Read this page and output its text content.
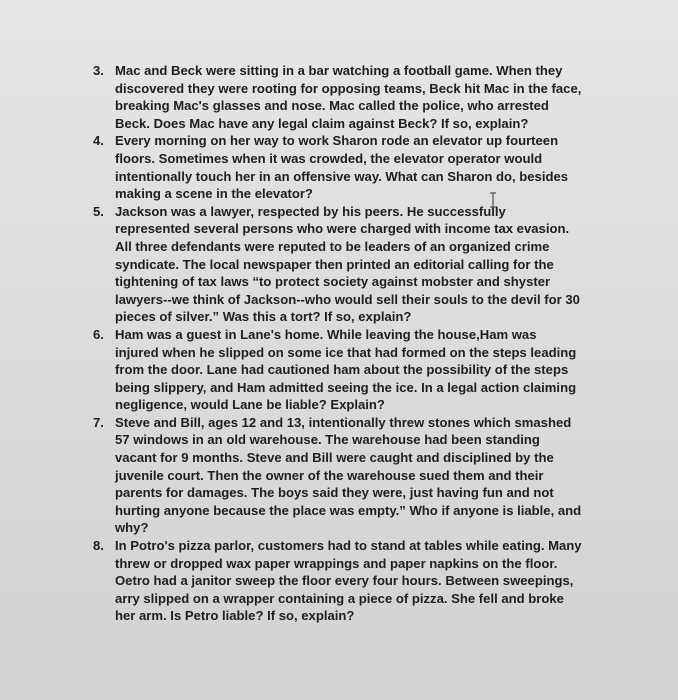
3. Mac and Beck were sitting in a bar watching a football game. When they
discovered they were rooting for opposing teams, Beck hit Mac in the face,
breaking Mac's glasses and nose. Mac called the police, who arrested
Beck. Does Mac have any legal claim against Beck? If so, explain?
4. Every morning on her way to work Sharon rode an elevator up fourteen
floors. Sometimes when it was crowded, the elevator operator would
intentionally touch her in an offensive way. What can Sharon do, besides
making a scene in the elevator?
5. Jackson was a lawyer, respected by his peers. He successfully
represented several persons who were charged with income tax evasion.
All three defendants were reputed to be leaders of an organized crime
syndicate. The local newspaper then printed an editorial calling for the
tightening of tax laws “to protect society against mobster and shyster
lawyers--we think of Jackson--who would sell their souls to the devil for 30
pieces of silver.” Was this a tort? If so, explain?
6. Ham was a guest in Lane's home. While leaving the house,Ham was
injured when he slipped on some ice that had formed on the steps leading
from the door. Lane had cautioned ham about the possibility of the steps
being slippery, and Ham admitted seeing the ice. In a legal action claiming
negligence, would Lane be liable? Explain?
7. Steve and Bill, ages 12 and 13, intentionally threw stones which smashed
57 windows in an old warehouse. The warehouse had been standing
vacant for 9 months. Steve and Bill were caught and disciplined by the
juvenile court. Then the owner of the warehouse sued them and their
parents for damages. The boys said they were, just having fun and not
hurting anyone because the place was empty.” Who if anyone is liable, and
why?
8. In Potro's pizza parlor, customers had to stand at tables while eating. Many
threw or dropped wax paper wrappings and paper napkins on the floor.
Oetro had a janitor sweep the floor every four hours. Between sweepings,
arry slipped on a wrapper containing a piece of pizza. She fell and broke
her arm. Is Petro liable? If so, explain?
